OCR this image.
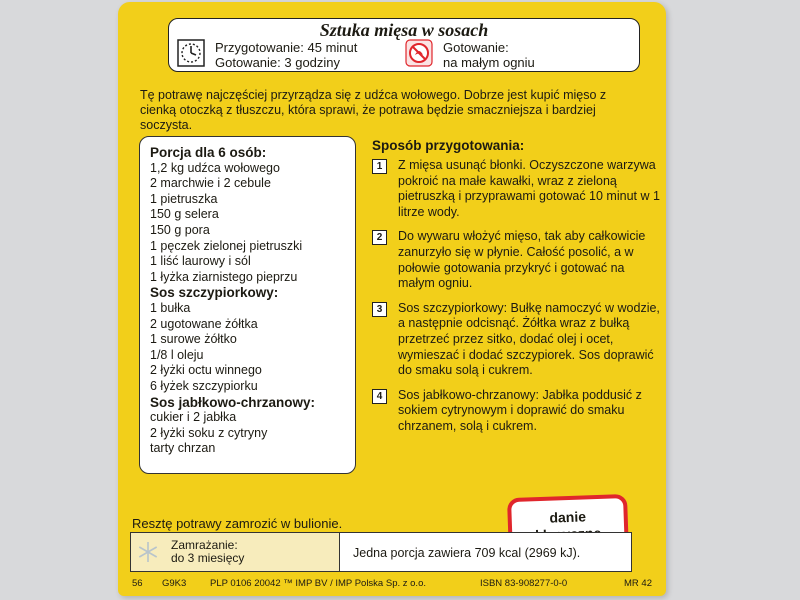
Sztuka mięsa w sosach
Przygotowanie: 45 minut
Gotowanie: 3 godziny
Gotowanie:
na małym ogniu
Tę potrawę najczęściej przyrządza się z udźca wołowego. Dobrze jest kupić mięso z cienką otoczką z tłuszczu, która sprawi, że potrawa będzie smaczniejsza i bardziej soczysta.
Porcja dla 6 osób:
1,2 kg udźca wołowego
2 marchwie i 2 cebule
1 pietruszka
150 g selera
150 g pora
1 pęczek zielonej pietruszki
1 liść laurowy i sól
1 łyżka ziarnistego pieprzu
Sos szczypiorkowy:
1 bułka
2 ugotowane żółtka
1 surowe żółtko
1/8 l oleju
2 łyżki octu winnego
6 łyżek szczypiorku
Sos jabłkowo-chrzanowy:
cukier i 2 jabłka
2 łyżki soku z cytryny
tarty chrzan
Sposób przygotowania:
1	Z mięsa usunąć błonki. Oczyszczone warzywa pokroić na małe kawałki, wraz z zieloną pietruszką i przyprawami gotować 10 minut w 1 litrze wody.
2	Do wywaru włożyć mięso, tak aby całkowicie zanurzyło się w płynie. Całość posolić, a w połowie gotowania przykryć i gotować na małym ogniu.
3	Sos szczypiorkowy: Bułkę namoczyć w wodzie, a następnie odcisnąć. Żółtka wraz z bułką przetrzeć przez sitko, dodać olej i ocet, wymieszać i dodać szczypiorek. Sos doprawić do smaku solą i cukrem.
4	Sos jabłkowo-chrzanowy: Jabłka poddusić z sokiem cytrynowym i doprawić do smaku chrzanem, solą i cukrem.
danie
Resztę potrawy zamrozić w bulionie.
Zamrażanie:
do 3 miesięcy	Jedna porcja zawiera 709 kcal (2969 kJ).
56 G9K3 PLP 0106 20042 ™ IMP BV / IMP Polska Sp. z o.o.	ISBN 83-908277-0-0	MR 42
